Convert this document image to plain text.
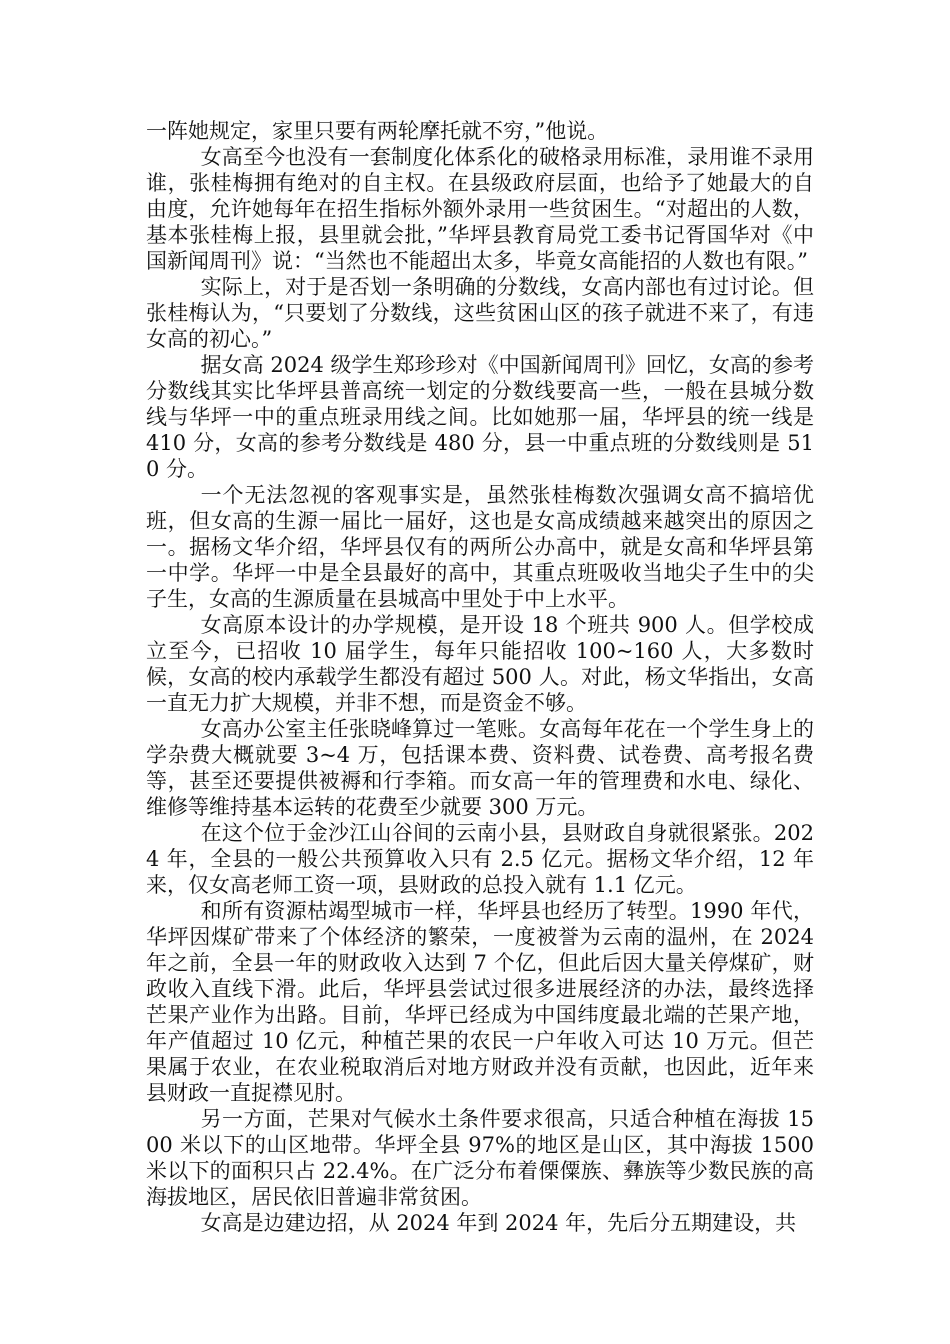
一阵她规定，家里只要有两轮摩托就不穷，”他说。

女高至今也没有一套制度化体系化的破格录用标准，录用谁不录用谁，张桂梅拥有绝对的自主权。在县级政府层面，也给予了她最大的自由度，允许她每年在招生指标外额外录用一些贫困生。“对超出的人数，基本张桂梅上报，县里就会批，”华坪县教育局党工委书记胥国华对《中国新闻周刊》说：“当然也不能超出太多，毕竟女高能招的人数也有限。”

实际上，对于是否划一条明确的分数线，女高内部也有过讨论。但张桂梅认为，“只要划了分数线，这些贫困山区的孩子就进不来了，有违女高的初心。”

据女高 2024 级学生郑珍珍对《中国新闻周刊》回忆，女高的参考分数线其实比华坪县普高统一划定的分数线要高一些，一般在县城分数线与华坪一中的重点班录用线之间。比如她那一届，华坪县的统一线是 410 分，女高的参考分数线是 480 分，县一中重点班的分数线则是 510 分。

一个无法忽视的客观事实是，虽然张桂梅数次强调女高不搞培优班，但女高的生源一届比一届好，这也是女高成绩越来越突出的原因之一。据杨文华介绍，华坪县仅有的两所公办高中，就是女高和华坪县第一中学。华坪一中是全县最好的高中，其重点班吸收当地尖子生中的尖子生，女高的生源质量在县城高中里处于中上水平。

女高原本设计的办学规模，是开设 18 个班共 900 人。但学校成立至今，已招收 10 届学生，每年只能招收 100~160 人，大多数时候，女高的校内承载学生都没有超过 500 人。对此，杨文华指出，女高一直无力扩大规模，并非不想，而是资金不够。

女高办公室主任张晓峰算过一笔账。女高每年花在一个学生身上的学杂费大概就要 3~4 万，包括课本费、资料费、试卷费、高考报名费等，甚至还要提供被褥和行李箱。而女高一年的管理费和水电、绿化、维修等维持基本运转的花费至少就要 300 万元。

在这个位于金沙江山谷间的云南小县，县财政自身就很紧张。2024 年，全县的一般公共预算收入只有 2.5 亿元。据杨文华介绍，12 年来，仅女高老师工资一项，县财政的总投入就有 1.1 亿元。

和所有资源枯竭型城市一样，华坪县也经历了转型。1990 年代，华坪因煤矿带来了个体经济的繁荣，一度被誉为云南的温州，在 2024 年之前，全县一年的财政收入达到 7 个亿，但此后因大量关停煤矿，财政收入直线下滑。此后，华坪县尝试过很多进展经济的办法，最终选择芒果产业作为出路。目前，华坪已经成为中国纬度最北端的芒果产地，年产值超过 10 亿元，种植芒果的农民一户年收入可达 10 万元。但芒果属于农业，在农业税取消后对地方财政并没有贡献，也因此，近年来县财政一直捉襟见肘。

另一方面，芒果对气候水土条件要求很高，只适合种植在海拔 1500 米以下的山区地带。华坪全县 97%的地区是山区，其中海拔 1500 米以下的面积只占 22.4%。在广泛分布着傈僳族、彝族等少数民族的高海拔地区，居民依旧普遍非常贫困。

女高是边建边招，从 2024 年到 2024 年，先后分五期建设，共
